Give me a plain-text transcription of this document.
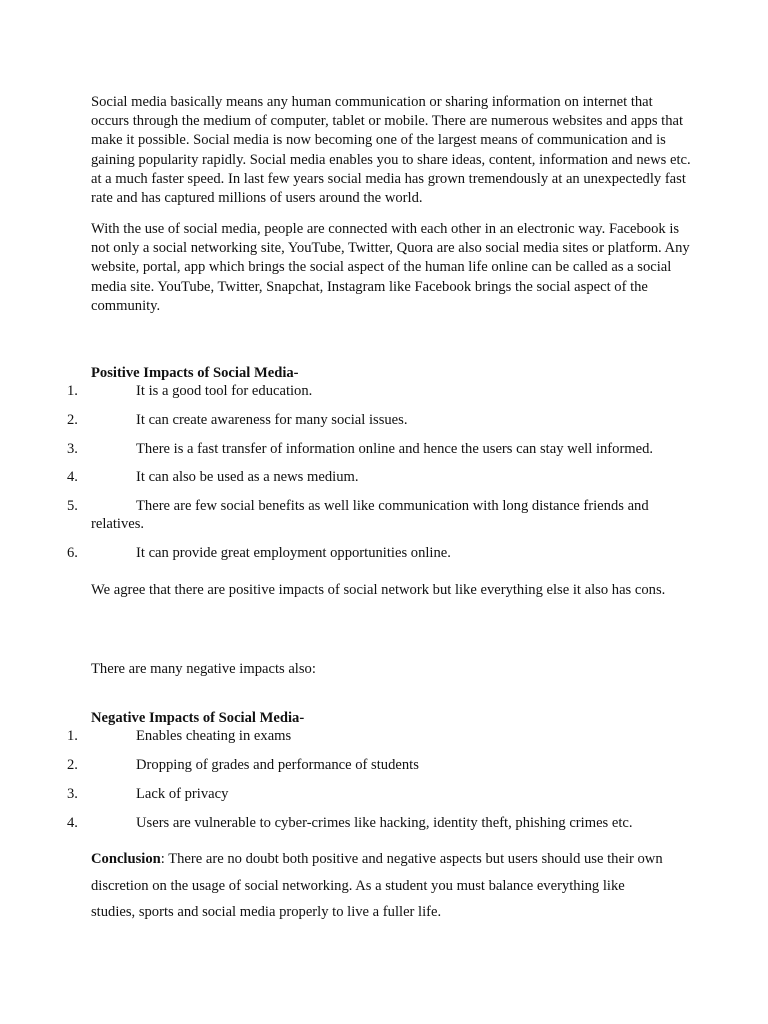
Social media basically means any human communication or sharing information on internet that occurs through the medium of computer, tablet or mobile. There are numerous websites and apps that make it possible. Social media is now becoming one of the largest means of communication and is gaining popularity rapidly. Social media enables you to share ideas, content, information and news etc. at a much faster speed. In last few years social media has grown tremendously at an unexpectedly fast rate and has captured millions of users around the world.

With the use of social media, people are connected with each other in an electronic way. Facebook is not only a social networking site, YouTube, Twitter, Quora are also social media sites or platform. Any website, portal, app which brings the social aspect of the human life online can be called as a social media site. YouTube, Twitter, Snapchat, Instagram like Facebook brings the social aspect of the community.

Positive Impacts of Social Media-

1.	It is a good tool for education.
2.	It can create awareness for many social issues.
3.	There is a fast transfer of information online and hence the users can stay well informed.
4.	It can also be used as a news medium.
5.	There are few social benefits as well like communication with long distance friends and relatives.
6.	It can provide great employment opportunities online.

We agree that there are positive impacts of social network but like everything else it also has cons.

There are many negative impacts also:

Negative Impacts of Social Media-

1.	Enables cheating in exams
2.	Dropping of grades and performance of students
3.	Lack of privacy
4.	Users are vulnerable to cyber-crimes like hacking, identity theft, phishing crimes etc.

Conclusion: There are no doubt both positive and negative aspects but users should use their own discretion on the usage of social networking. As a student you must balance everything like studies, sports and social media properly to live a fuller life.
